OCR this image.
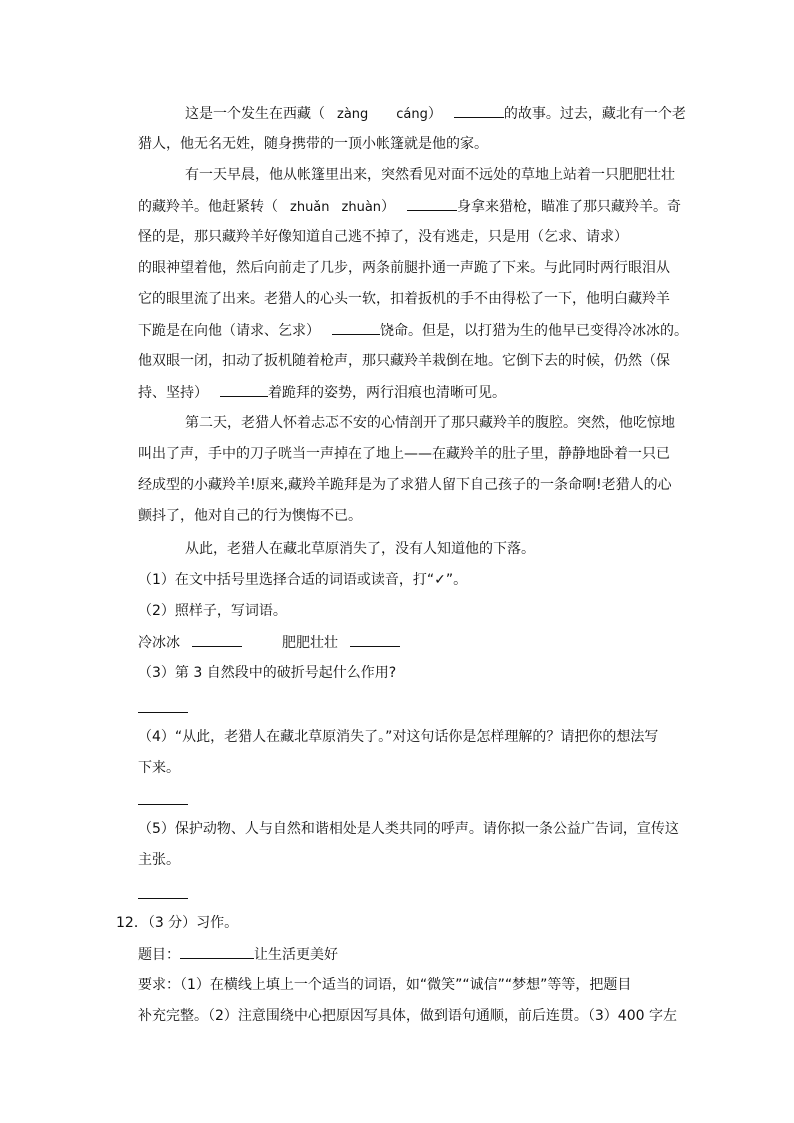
这是一个发生在西藏（ zàng cáng）	的故事。过去，藏北有一个老
猎人，他无名无姓，随身携带的一顶小帐篷就是他的家。
有一天早晨，他从帐篷里出来，突然看见对面不远处的草地上站着一只肥肥壮壮
的藏羚羊。他赶紧转（ zhuǎn zhuàn）	身拿来猎枪，瞄准了那只藏羚羊。奇
怪的是，那只藏羚羊好像知道自己逃不掉了，没有逃走，只是用（乞求、请求）
的眼神望着他，然后向前走了几步，两条前腿扑通一声跪了下来。与此同时两行眼泪从
它的眼里流了出来。老猎人的心头一软，扣着扳机的手不由得松了一下，他明白藏羚羊
下跪是在向他（请求、乞求）	饶命。但是，以打猎为生的他早已变得冷冰冰的。
他双眼一闭，扣动了扳机随着枪声，那只藏羚羊栽倒在地。它倒下去的时候，仍然（保
持、坚持）	着跪拜的姿势，两行泪痕也清晰可见。
第二天，老猎人怀着忐忑不安的心情剖开了那只藏羚羊的腹腔。突然，他吃惊地
叫出了声，手中的刀子咣当一声掉在了地上——在藏羚羊的肚子里，静静地卧着一只已
经成型的小藏羚羊!原来,藏羚羊跪拜是为了求猎人留下自己孩子的一条命啊!老猎人的心
颤抖了，他对自己的行为懊悔不已。
从此，老猎人在藏北草原消失了，没有人知道他的下落。
（1）在文中括号里选择合适的词语或读音，打“✓”。
（2）照样子，写词语。
冷冰冰	肥肥壮壮
（3）第 3 自然段中的破折号起什么作用?
（4）“从此，老猎人在藏北草原消失了。”对这句话你是怎样理解的？请把你的想法写
下来。
（5）保护动物、人与自然和谐相处是人类共同的呼声。请你拟一条公益广告词，宣传这
主张。
12．（3 分）习作。
题目：	让生活更美好
要求：（1）在横线上填上一个适当的词语，如“微笑”“诚信”“梦想”等等，把题目
补充完整。（2）注意围绕中心把原因写具体，做到语句通顺，前后连贯。（3）400 字左
